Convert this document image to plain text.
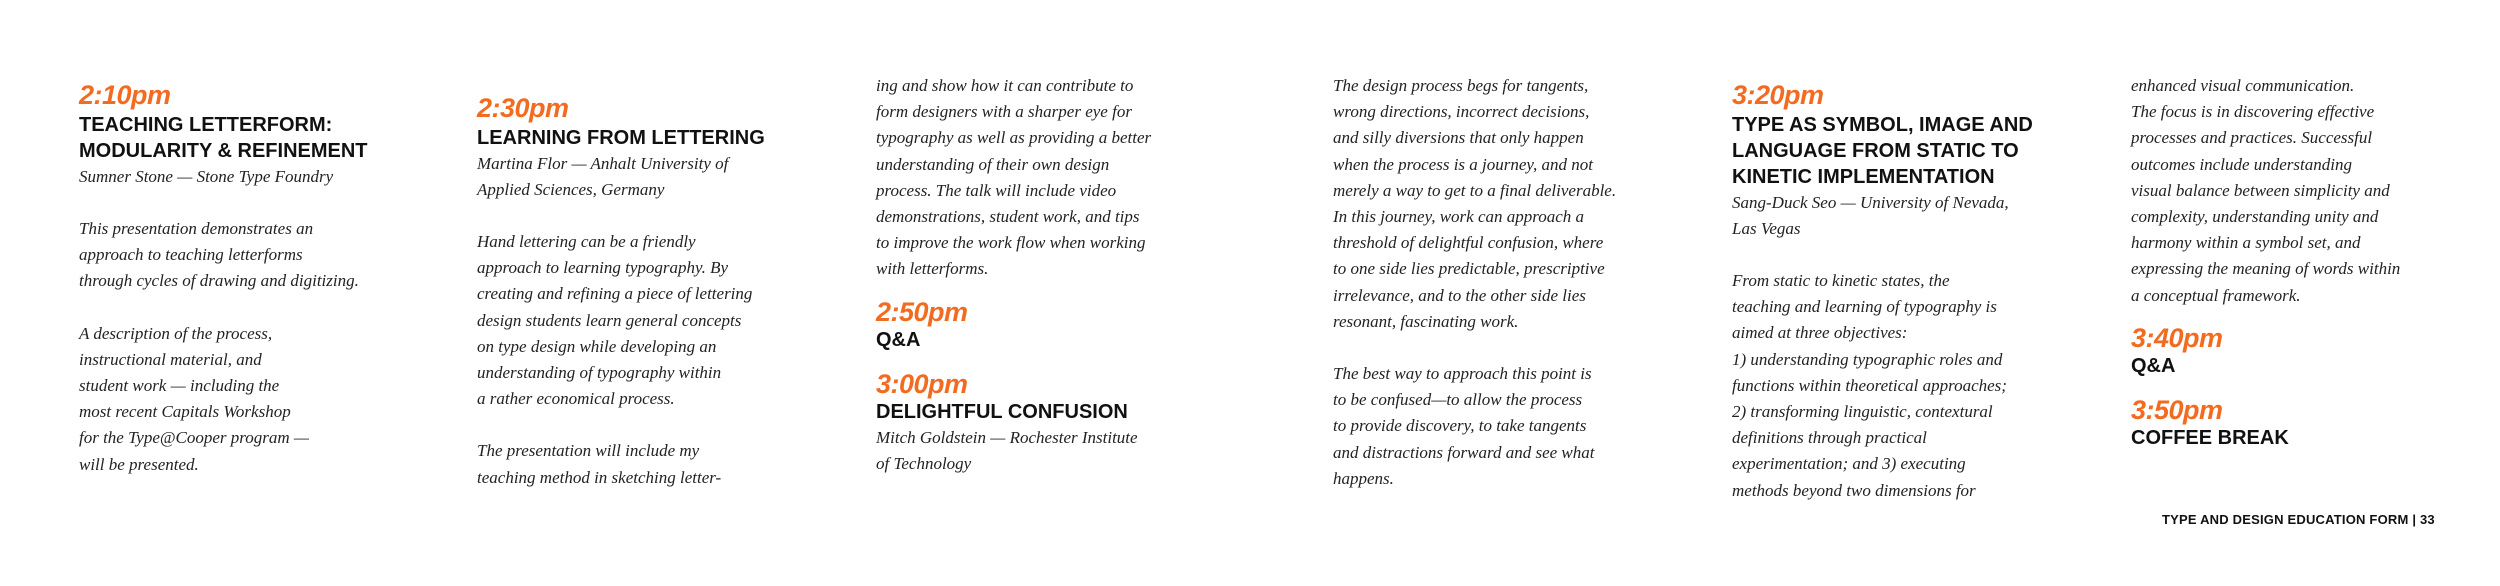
2:10pm
TEACHING LETTERFORM:
MODULARITY & REFINEMENT
Sumner Stone — Stone Type Foundry
This presentation demonstrates an
approach to teaching letterforms
through cycles of drawing and digitizing.
A description of the process,
instructional material, and
student work — including the
most recent Capitals Workshop
for the Type@Cooper program —
will be presented.
2:30pm
LEARNING FROM LETTERING
Martina Flor — Anhalt University of
Applied Sciences, Germany
Hand lettering can be a friendly
approach to learning typography. By
creating and refining a piece of lettering
design students learn general concepts
on type design while developing an
understanding of typography within
a rather economical process.
The presentation will include my
teaching method in sketching letter-
ing and show how it can contribute to
form designers with a sharper eye for
typography as well as providing a better
understanding of their own design
process. The talk will include video
demonstrations, student work, and tips
to improve the work flow when working
with letterforms.
2:50pm
Q&A
3:00pm
DELIGHTFUL CONFUSION
Mitch Goldstein — Rochester Institute
of Technology
The design process begs for tangents,
wrong directions, incorrect decisions,
and silly diversions that only happen
when the process is a journey, and not
merely a way to get to a final deliverable.
In this journey, work can approach a
threshold of delightful confusion, where
to one side lies predictable, prescriptive
irrelevance, and to the other side lies
resonant, fascinating work.
The best way to approach this point is
to be confused—to allow the process
to provide discovery, to take tangents
and distractions forward and see what
happens.
3:20pm
TYPE AS SYMBOL, IMAGE AND
LANGUAGE FROM STATIC TO
KINETIC IMPLEMENTATION
Sang-Duck Seo — University of Nevada,
Las Vegas
From static to kinetic states, the
teaching and learning of typography is
aimed at three objectives:
1) understanding typographic roles and
functions within theoretical approaches;
2) transforming linguistic, contextural
definitions through practical
experimentation; and 3) executing
methods beyond two dimensions for
enhanced visual communication.
The focus is in discovering effective
processes and practices. Successful
outcomes include understanding
visual balance between simplicity and
complexity, understanding unity and
harmony within a symbol set, and
expressing the meaning of words within
a conceptual framework.
3:40pm
Q&A
3:50pm
COFFEE BREAK
TYPE AND DESIGN EDUCATION FORM | 33
